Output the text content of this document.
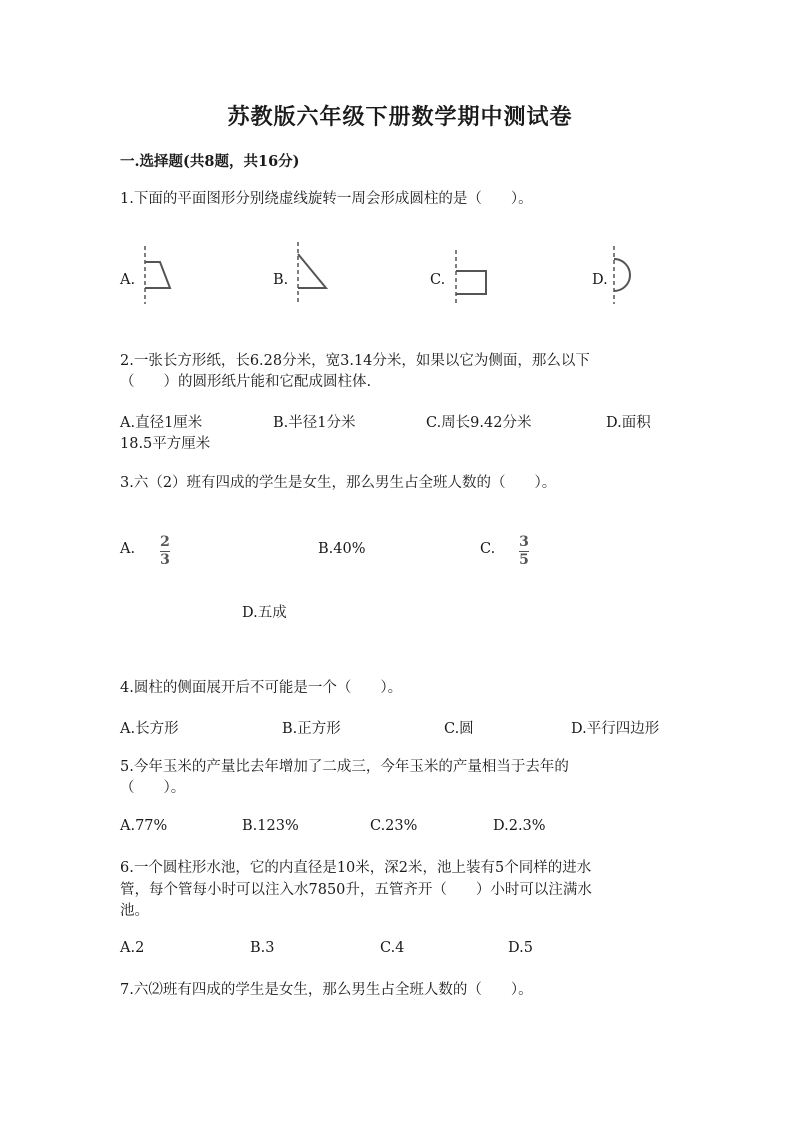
苏教版六年级下册数学期中测试卷
一.选择题(共8题，共16分)
1.下面的平面图形分别绕虚线旋转一周会形成圆柱的是（　　）。
A.	B.	C.	D.
2.一张长方形纸，长6.28分米，宽3.14分米，如果以它为侧面，那么以下
（　　）的圆形纸片能和它配成圆柱体.
A.直径1厘米	B.半径1分米	C.周长9.42分米	D.面积
18.5平方厘米
3.六（2）班有四成的学生是女生，那么男生占全班人数的（　　）。
A. 2
3
B.40%	C. 3
5
D.五成
4.圆柱的侧面展开后不可能是一个（　　）。
A.长方形	B.正方形	C.圆	D.平行四边形
5.今年玉米的产量比去年增加了二成三，今年玉米的产量相当于去年的
（　　）。
A.77%	B.123%	C.23%	D.2.3%
6.一个圆柱形水池，它的内直径是10米，深2米，池上装有5个同样的进水
管，每个管每小时可以注入水7850升，五管齐开（　　）小时可以注满水
池。
A.2	B.3	C.4	D.5
7.六⑵班有四成的学生是女生，那么男生占全班人数的（　　）。
